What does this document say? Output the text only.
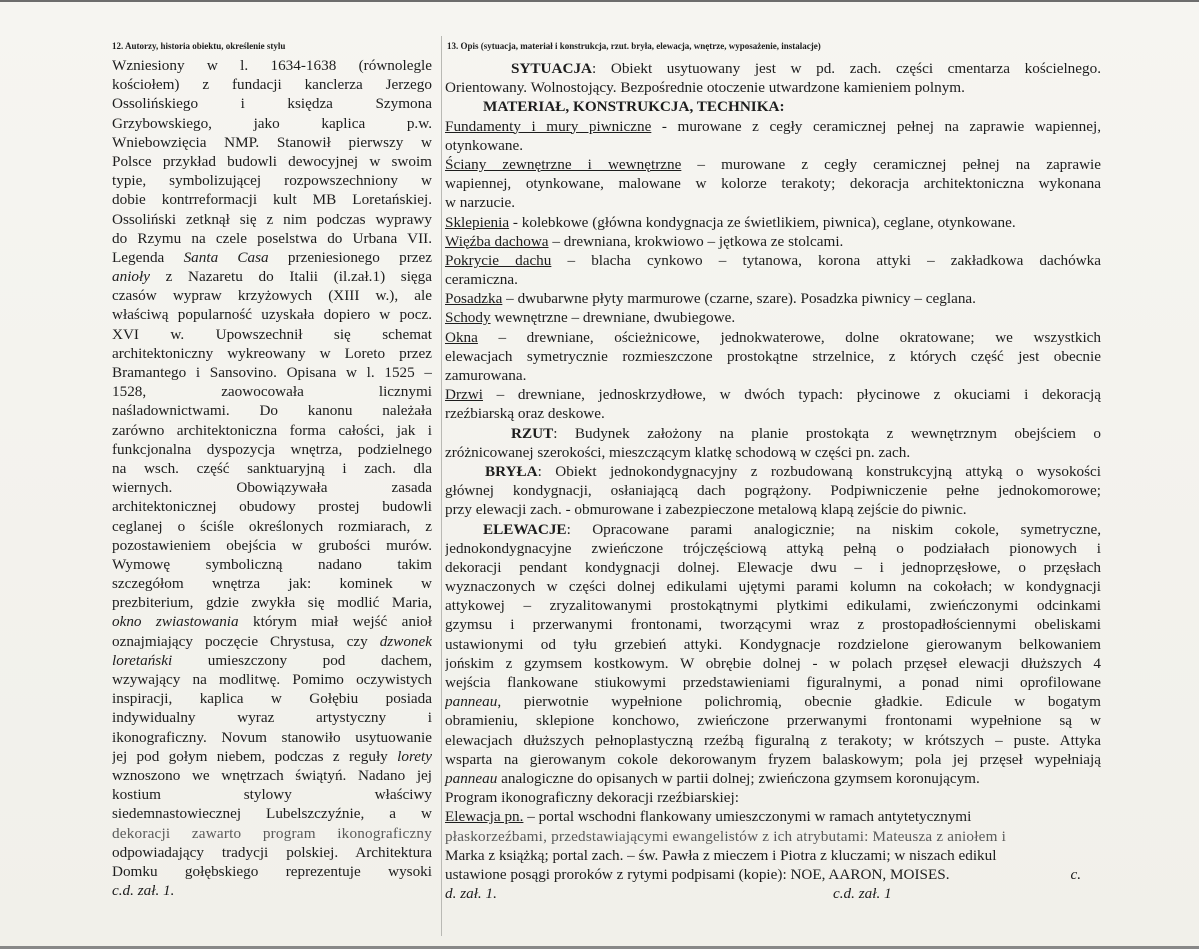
12. Autorzy, historia obiektu, określenie stylu	13. Opis (sytuacja, materiał i konstrukcja, rzut. bryła, elewacja, wnętrze, wyposażenie, instalacje)
Wzniesiony w l. 1634-1638 (równolegle
kościołem) z fundacji kanclerza Jerzego
Ossolińskiego i księdza Szymona
Grzybowskiego, jako kaplica p.w.
Wniebowzięcia NMP. Stanowił pierwszy w
Polsce przykład budowli dewocyjnej w swoim
typie, symbolizującej rozpowszechniony w
dobie kontrreformacji kult MB Loretańskiej.
Ossoliński zetknął się z nim podczas wyprawy
do Rzymu na czele poselstwa do Urbana VII.
Legenda Santa Casa przeniesionego przez
anioły z Nazaretu do Italii (il.zał.1) sięga
czasów wypraw krzyżowych (XIII w.), ale
właściwą popularność uzyskała dopiero w pocz.
XVI w. Upowszechnił się schemat
architektoniczny wykreowany w Loreto przez
Bramantego i Sansovino. Opisana w l. 1525 –
1528, zaowocowała licznymi
naśladownictwami. Do kanonu należała
zarówno architektoniczna forma całości, jak i
funkcjonalna dyspozycja wnętrza, podzielnego
na wsch. część sanktuaryjną i zach. dla
wiernych. Obowiązywała zasada
architektonicznej obudowy prostej budowli
ceglanej o ściśle określonych rozmiarach, z
pozostawieniem obejścia w grubości murów.
Wymowę symboliczną nadano takim
szczegółom wnętrza jak: kominek w
prezbiterium, gdzie zwykła się modlić Maria,
okno zwiastowania którym miał wejść anioł
oznajmiający poczęcie Chrystusa, czy dzwonek
loretański umieszczony pod dachem,
wzywający na modlitwę. Pomimo oczywistych
inspiracji, kaplica w Gołębiu posiada
indywidualny wyraz artystyczny i
ikonograficzny. Novum stanowiło usytuowanie
jej pod gołym niebem, podczas z reguły lorety
wznoszono we wnętrzach świątyń. Nadano jej
kostium stylowy właściwy
siedemnastowiecznej Lubelszczyźnie, a w
dekoracji zawarto program ikonograficzny
odpowiadający tradycji polskiej. Architektura
Domku gołębskiego reprezentuje wysoki
c.d. zał. 1.
SYTUACJA: Obiekt usytuowany jest w pd. zach. części cmentarza kościelnego.
Orientowany. Wolnostojący. Bezpośrednie otoczenie utwardzone kamieniem polnym.
MATERIAŁ, KONSTRUKCJA, TECHNIKA:
Fundamenty i mury piwniczne - murowane z cegły ceramicznej pełnej na zaprawie wapiennej,
otynkowane.
Ściany zewnętrzne i wewnętrzne – murowane z cegły ceramicznej pełnej na zaprawie
wapiennej, otynkowane, malowane w kolorze terakoty; dekoracja architektoniczna wykonana
w narzucie.
Sklepienia - kolebkowe (główna kondygnacja ze świetlikiem, piwnica), ceglane, otynkowane.
Więźba dachowa – drewniana, krokwiowo – jętkowa ze stolcami.
Pokrycie dachu – blacha cynkowo – tytanowa, korona attyki – zakładkowa dachówka
ceramiczna.
Posadzka – dwubarwne płyty marmurowe (czarne, szare). Posadzka piwnicy – ceglana.
Schody wewnętrzne – drewniane, dwubiegowe.
Okna – drewniane, ościeżnicowe, jednokwaterowe, dolne okratowane; we wszystkich
elewacjach symetrycznie rozmieszczone prostokątne strzelnice, z których część jest obecnie
zamurowana.
Drzwi – drewniane, jednoskrzydłowe, w dwóch typach: płycinowe z okuciami i dekoracją
rzeźbiarską oraz deskowe.
RZUT: Budynek założony na planie prostokąta z wewnętrznym obejściem o
zróżnicowanej szerokości, mieszczącym klatkę schodową w części pn. zach.
BRYŁA: Obiekt jednokondygnacyjny z rozbudowaną konstrukcyjną attyką o wysokości
głównej kondygnacji, osłaniającą dach pogrążony. Podpiwniczenie pełne jednokomorowe;
przy elewacji zach. - obmurowane i zabezpieczone metalową klapą zejście do piwnic.
ELEWACJE: Opracowane parami analogicznie; na niskim cokole, symetryczne,
jednokondygnacyjne zwieńczone trójczęściową attyką pełną o podziałach pionowych i
dekoracji pendant kondygnacji dolnej. Elewacje dwu – i jednoprzęsłowe, o przęsłach
wyznaczonych w części dolnej edikulami ujętymi parami kolumn na cokołach; w kondygnacji
attykowej – zryzalitowanymi prostokątnymi plytkimi edikulami, zwieńczonymi odcinkami
gzymsu i przerwanymi frontonami, tworzącymi wraz z prostopadłościennymi obeliskami
ustawionymi od tyłu grzebień attyki. Kondygnacje rozdzielone gierowanym belkowaniem
jońskim z gzymsem kostkowym. W obrębie dolnej - w polach przęseł elewacji dłuższych 4
wejścia flankowane stiukowymi przedstawieniami figuralnymi, a ponad nimi oprofilowane
panneau, pierwotnie wypełnione polichromią, obecnie gładkie. Edicule w bogatym
obramieniu, sklepione konchowo, zwieńczone przerwanymi frontonami wypełnione są w
elewacjach dłuższych pełnoplastyczną rzeźbą figuralną z terakoty; w krótszych – puste. Attyka
wsparta na gierowanym cokole dekorowanym fryzem balaskowym; pola jej przęseł wypełniają
panneau analogiczne do opisanych w partii dolnej; zwieńczona gzymsem koronującym.
Program ikonograficzny dekoracji rzeźbiarskiej:
Elewacja pn. – portal wschodni flankowany umieszczonymi w ramach antytetycznymi
płaskorzeźbami, przedstawiającymi ewangelistów z ich atrybutami: Mateusza z aniołem i
Marka z książką; portal zach. – św. Pawła z mieczem i Piotra z kluczami; w niszach edikul
ustawione posągi proroków z rytymi podpisami (kopie): NOE, AARON, MOISES.	c.
d. zał. 1.	c.d. zał. 1
